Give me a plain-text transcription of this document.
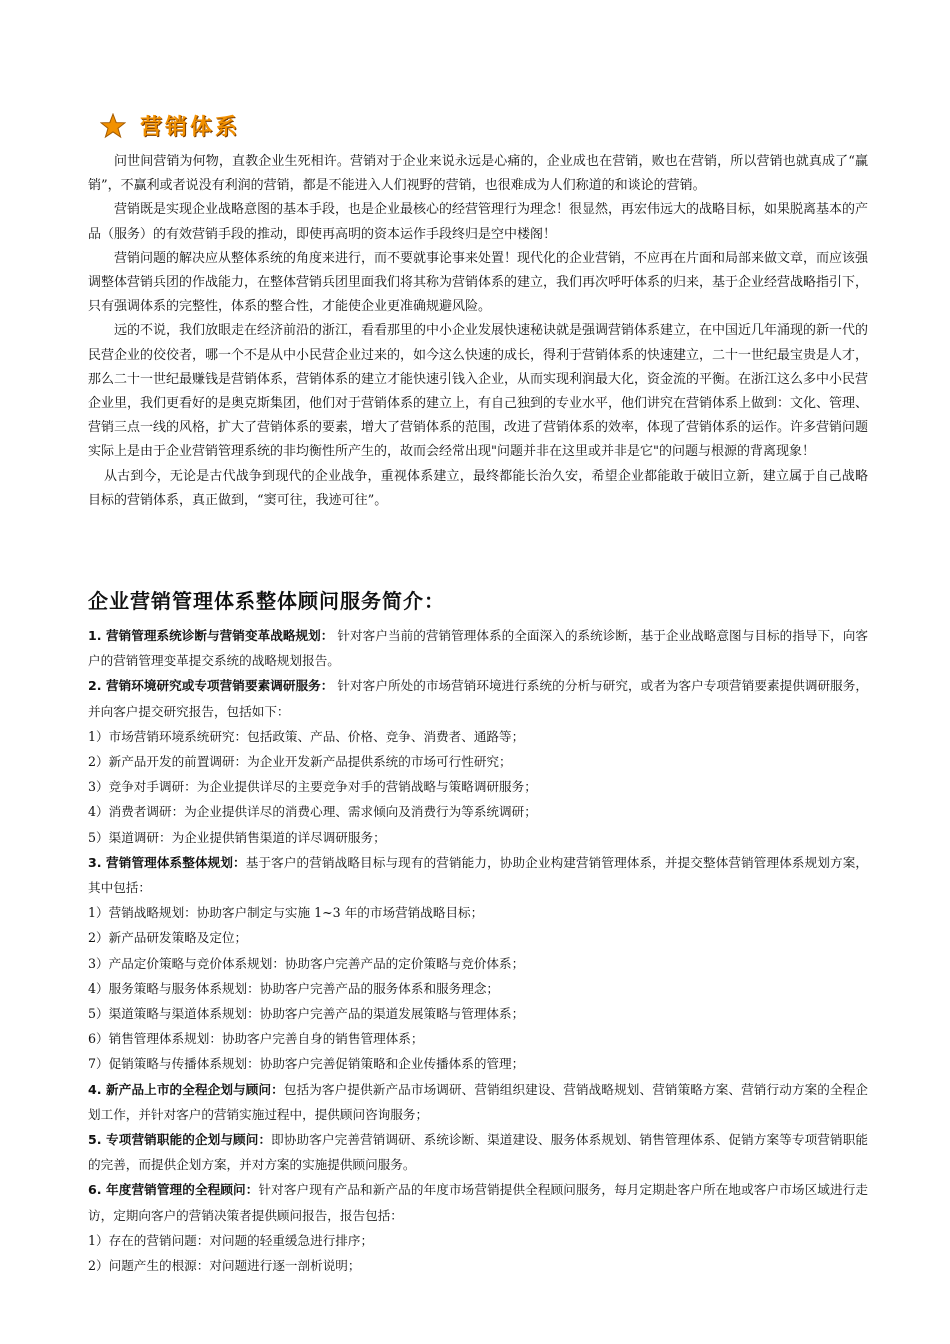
营销体系

问世间营销为何物，直教企业生死相许。营销对于企业来说永远是心痛的，企业成也在营销，败也在营销，所以营销也就真成了“赢销”，不赢利或者说没有利润的营销，都是不能进入人们视野的营销，也很难成为人们称道的和谈论的营销。

营销既是实现企业战略意图的基本手段，也是企业最核心的经营管理行为理念！很显然，再宏伟远大的战略目标，如果脱离基本的产品（服务）的有效营销手段的推动，即使再高明的资本运作手段终归是空中楼阁！

营销问题的解决应从整体系统的角度来进行，而不要就事论事来处置！现代化的企业营销，不应再在片面和局部来做文章，而应该强调整体营销兵团的作战能力，在整体营销兵团里面我们将其称为营销体系的建立，我们再次呼吁体系的归来，基于企业经营战略指引下，只有强调体系的完整性，体系的整合性，才能使企业更准确规避风险。

远的不说，我们放眼走在经济前沿的浙江，看看那里的中小企业发展快速秘诀就是强调营销体系建立，在中国近几年涌现的新一代的民营企业的佼佼者，哪一个不是从中小民营企业过来的，如今这么快速的成长，得利于营销体系的快速建立，二十一世纪最宝贵是人才，那么二十一世纪最赚钱是营销体系，营销体系的建立才能快速引钱入企业，从而实现利润最大化，资金流的平衡。在浙江这么多中小民营企业里，我们更看好的是奥克斯集团，他们对于营销体系的建立上，有自己独到的专业水平，他们讲究在营销体系上做到：文化、管理、营销三点一线的风格，扩大了营销体系的要素，增大了营销体系的范围，改进了营销体系的效率，体现了营销体系的运作。许多营销问题实际上是由于企业营销管理系统的非均衡性所产生的，故而会经常出现"问题并非在这里或并非是它"的问题与根源的背离现象！

从古到今，无论是古代战争到现代的企业战争，重视体系建立，最终都能长治久安，希望企业都能敢于破旧立新，建立属于自己战略目标的营销体系，真正做到，“窦可往，我迹可往”。

企业营销管理体系整体顾问服务简介：

1. 营销管理系统诊断与营销变革战略规划： 针对客户当前的营销管理体系的全面深入的系统诊断，基于企业战略意图与目标的指导下，向客户的营销管理变革提交系统的战略规划报告。

2. 营销环境研究或专项营销要素调研服务： 针对客户所处的市场营销环境进行系统的分析与研究，或者为客户专项营销要素提供调研服务，并向客户提交研究报告，包括如下：

1）市场营销环境系统研究：包括政策、产品、价格、竞争、消费者、通路等；

2）新产品开发的前置调研：为企业开发新产品提供系统的市场可行性研究；

3）竞争对手调研：为企业提供详尽的主要竞争对手的营销战略与策略调研服务；

4）消费者调研：为企业提供详尽的消费心理、需求倾向及消费行为等系统调研；

5）渠道调研：为企业提供销售渠道的详尽调研服务；

3. 营销管理体系整体规划：基于客户的营销战略目标与现有的营销能力，协助企业构建营销管理体系，并提交整体营销管理体系规划方案，其中包括：

1）营销战略规划：协助客户制定与实施 1~3 年的市场营销战略目标；

2）新产品研发策略及定位；

3）产品定价策略与竞价体系规划：协助客户完善产品的定价策略与竞价体系；

4）服务策略与服务体系规划：协助客户完善产品的服务体系和服务理念；

5）渠道策略与渠道体系规划：协助客户完善产品的渠道发展策略与管理体系；

6）销售管理体系规划：协助客户完善自身的销售管理体系；

7）促销策略与传播体系规划：协助客户完善促销策略和企业传播体系的管理；

4. 新产品上市的全程企划与顾问：包括为客户提供新产品市场调研、营销组织建设、营销战略规划、营销策略方案、营销行动方案的全程企划工作，并针对客户的营销实施过程中，提供顾问咨询服务；

5. 专项营销职能的企划与顾问：即协助客户完善营销调研、系统诊断、渠道建设、服务体系规划、销售管理体系、促销方案等专项营销职能的完善，而提供企划方案，并对方案的实施提供顾问服务。

6. 年度营销管理的全程顾问：针对客户现有产品和新产品的年度市场营销提供全程顾问服务，每月定期赴客户所在地或客户市场区域进行走访，定期向客户的营销决策者提供顾问报告，报告包括：

1）存在的营销问题：对问题的轻重缓急进行排序；

2）问题产生的根源：对问题进行逐一剖析说明；
